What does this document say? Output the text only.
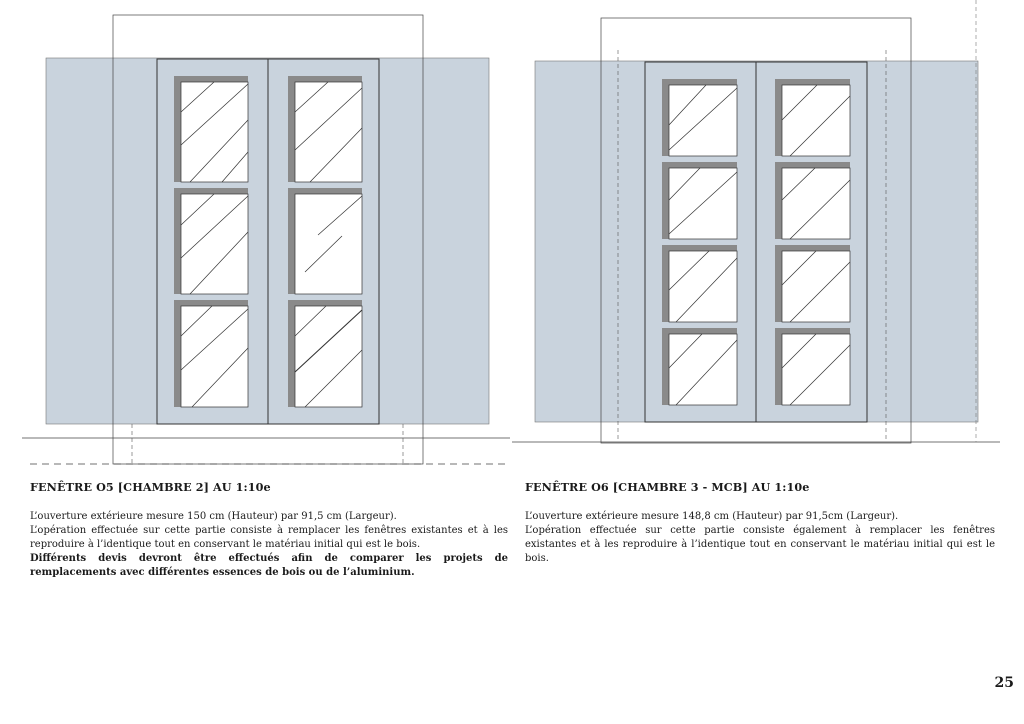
FENÊTRE O5 [CHAMBRE 2] AU 1:10e

L’ouverture extérieure mesure 150 cm (Hauteur) par 91,5 cm (Largeur).

L’opération effectuée sur cette partie consiste à remplacer les fenêtres existantes et à les reproduire à l’identique tout en conservant le matériau initial qui est le bois.

Différents devis devront être effectués afin de comparer les projets de remplacements avec différentes essences de bois ou de l’aluminium.

FENÊTRE O6 [CHAMBRE 3 - MCB] AU 1:10e

L’ouverture extérieure mesure 148,8 cm (Hauteur) par 91,5cm (Largeur).

L’opération effectuée sur cette partie consiste également à remplacer les fenêtres existantes et à les reproduire à l’identique tout en conservant le matériau initial qui est le bois.

25
